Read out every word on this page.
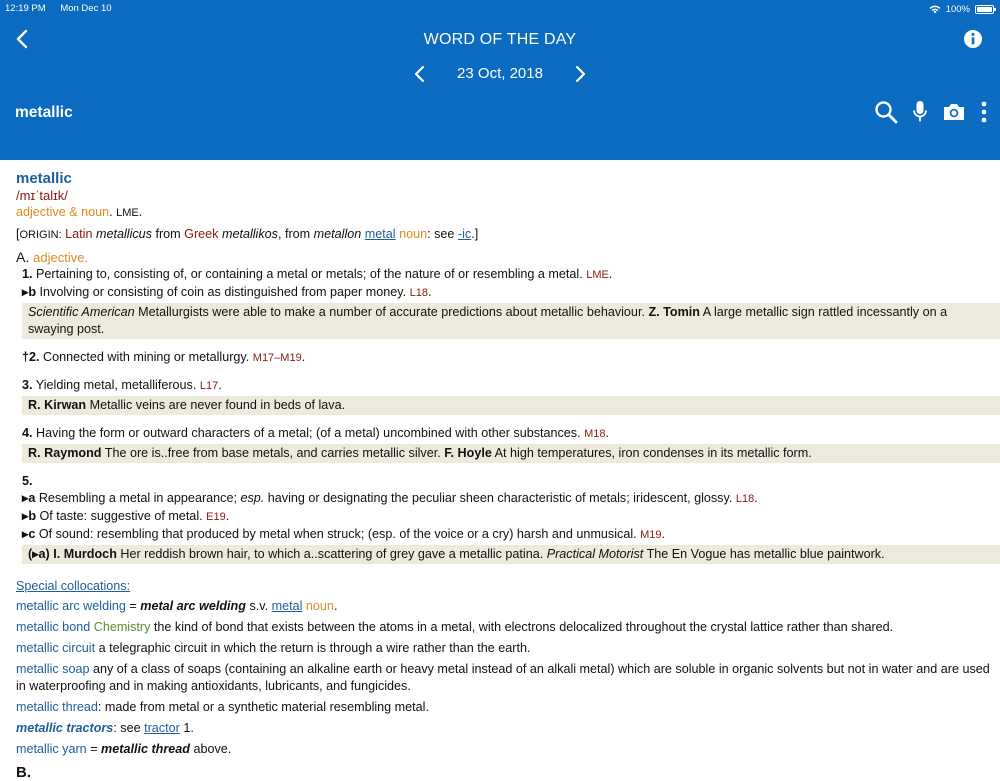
12:19 PM Mon Dec 10	100%
WORD OF THE DAY
23 Oct, 2018
metallic
metallic
/mɪˈtalɪk/
adjective & noun. LME.
[ORIGIN: Latin metallicus from Greek metallikos, from metallon metal noun: see -ic.]
A. adjective.
1. Pertaining to, consisting of, or containing a metal or metals; of the nature of or resembling a metal. LME.
▸b Involving or consisting of coin as distinguished from paper money. L18.
Scientific American Metallurgists were able to make a number of accurate predictions about metallic behaviour. Z. Tomin A large metallic sign rattled incessantly on a swaying post.
†2. Connected with mining or metallurgy. M17–M19.
3. Yielding metal, metalliferous. L17.
R. Kirwan Metallic veins are never found in beds of lava.
4. Having the form or outward characters of a metal; (of a metal) uncombined with other substances. M18.
R. Raymond The ore is..free from base metals, and carries metallic silver. F. Hoyle At high temperatures, iron condenses in its metallic form.
5.
▸a Resembling a metal in appearance; esp. having or designating the peculiar sheen characteristic of metals; iridescent, glossy. L18.
▸b Of taste: suggestive of metal. E19.
▸c Of sound: resembling that produced by metal when struck; (esp. of the voice or a cry) harsh and unmusical. M19.
(▸a) I. Murdoch Her reddish brown hair, to which a..scattering of grey gave a metallic patina. Practical Motorist The En Vogue has metallic blue paintwork.
Special collocations:
metallic arc welding = metal arc welding s.v. metal noun.
metallic bond Chemistry the kind of bond that exists between the atoms in a metal, with electrons delocalized throughout the crystal lattice rather than shared.
metallic circuit a telegraphic circuit in which the return is through a wire rather than the earth.
metallic soap any of a class of soaps (containing an alkaline earth or heavy metal instead of an alkali metal) which are soluble in organic solvents but not in water and are used in waterproofing and in making antioxidants, lubricants, and fungicides.
metallic thread: made from metal or a synthetic material resembling metal.
metallic tractors: see tractor 1.
metallic yarn = metallic thread above.
B.
